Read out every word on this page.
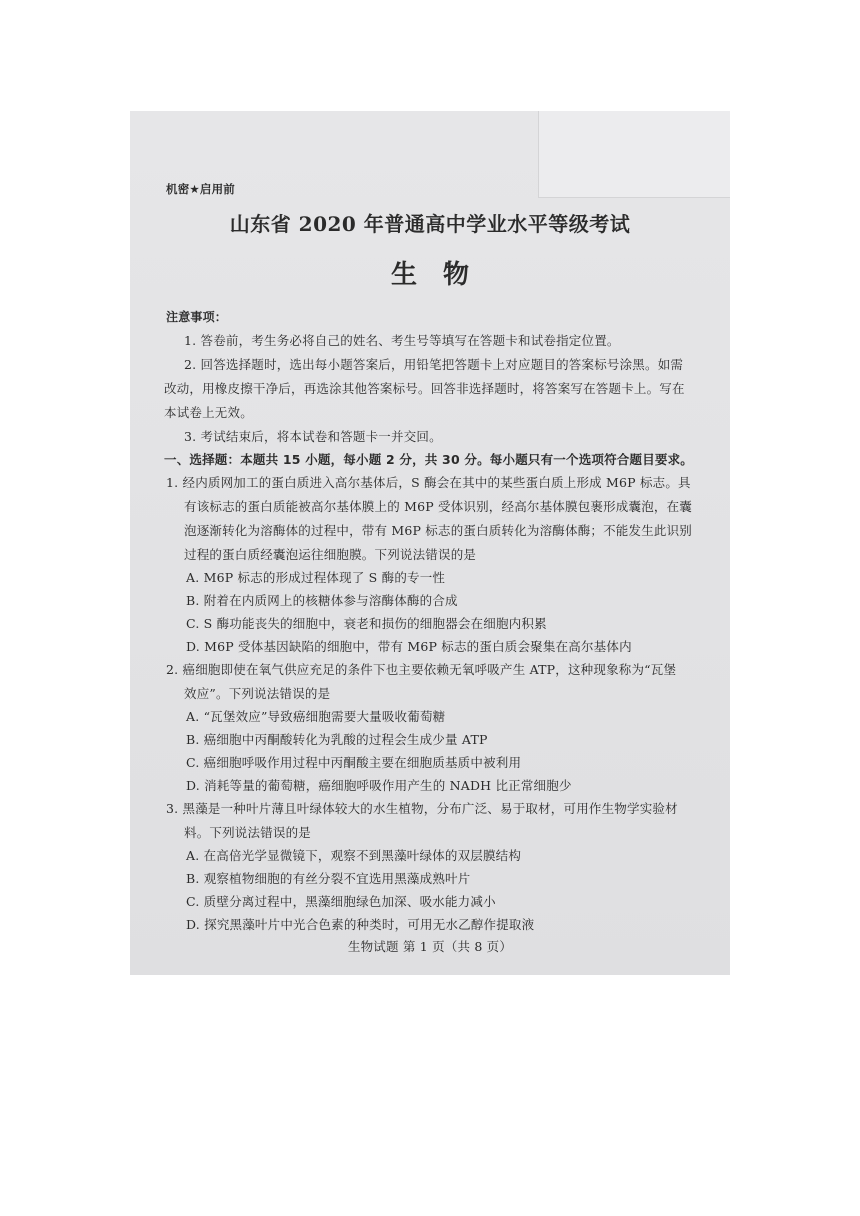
机密★启用前
山东省 2020 年普通高中学业水平等级考试
生物
注意事项：
1. 答卷前，考生务必将自己的姓名、考生号等填写在答题卡和试卷指定位置。
2. 回答选择题时，选出每小题答案后，用铅笔把答题卡上对应题目的答案标号涂黑。如需
改动，用橡皮擦干净后，再选涂其他答案标号。回答非选择题时，将答案写在答题卡上。写在
本试卷上无效。
3. 考试结束后，将本试卷和答题卡一并交回。
一、选择题：本题共 15 小题，每小题 2 分，共 30 分。每小题只有一个选项符合题目要求。
1. 经内质网加工的蛋白质进入高尔基体后，S 酶会在其中的某些蛋白质上形成 M6P 标志。具
有该标志的蛋白质能被高尔基体膜上的 M6P 受体识别，经高尔基体膜包裹形成囊泡，在囊
泡逐渐转化为溶酶体的过程中，带有 M6P 标志的蛋白质转化为溶酶体酶；不能发生此识别
过程的蛋白质经囊泡运往细胞膜。下列说法错误的是
A. M6P 标志的形成过程体现了 S 酶的专一性
B. 附着在内质网上的核糖体参与溶酶体酶的合成
C. S 酶功能丧失的细胞中，衰老和损伤的细胞器会在细胞内积累
D. M6P 受体基因缺陷的细胞中，带有 M6P 标志的蛋白质会聚集在高尔基体内
2. 癌细胞即使在氧气供应充足的条件下也主要依赖无氧呼吸产生 ATP，这种现象称为“瓦堡
效应”。下列说法错误的是
A. “瓦堡效应”导致癌细胞需要大量吸收葡萄糖
B. 癌细胞中丙酮酸转化为乳酸的过程会生成少量 ATP
C. 癌细胞呼吸作用过程中丙酮酸主要在细胞质基质中被利用
D. 消耗等量的葡萄糖，癌细胞呼吸作用产生的 NADH 比正常细胞少
3. 黑藻是一种叶片薄且叶绿体较大的水生植物，分布广泛、易于取材，可用作生物学实验材
料。下列说法错误的是
A. 在高倍光学显微镜下，观察不到黑藻叶绿体的双层膜结构
B. 观察植物细胞的有丝分裂不宜选用黑藻成熟叶片
C. 质壁分离过程中，黑藻细胞绿色加深、吸水能力减小
D. 探究黑藻叶片中光合色素的种类时，可用无水乙醇作提取液
生物试题 第 1 页（共 8 页）
